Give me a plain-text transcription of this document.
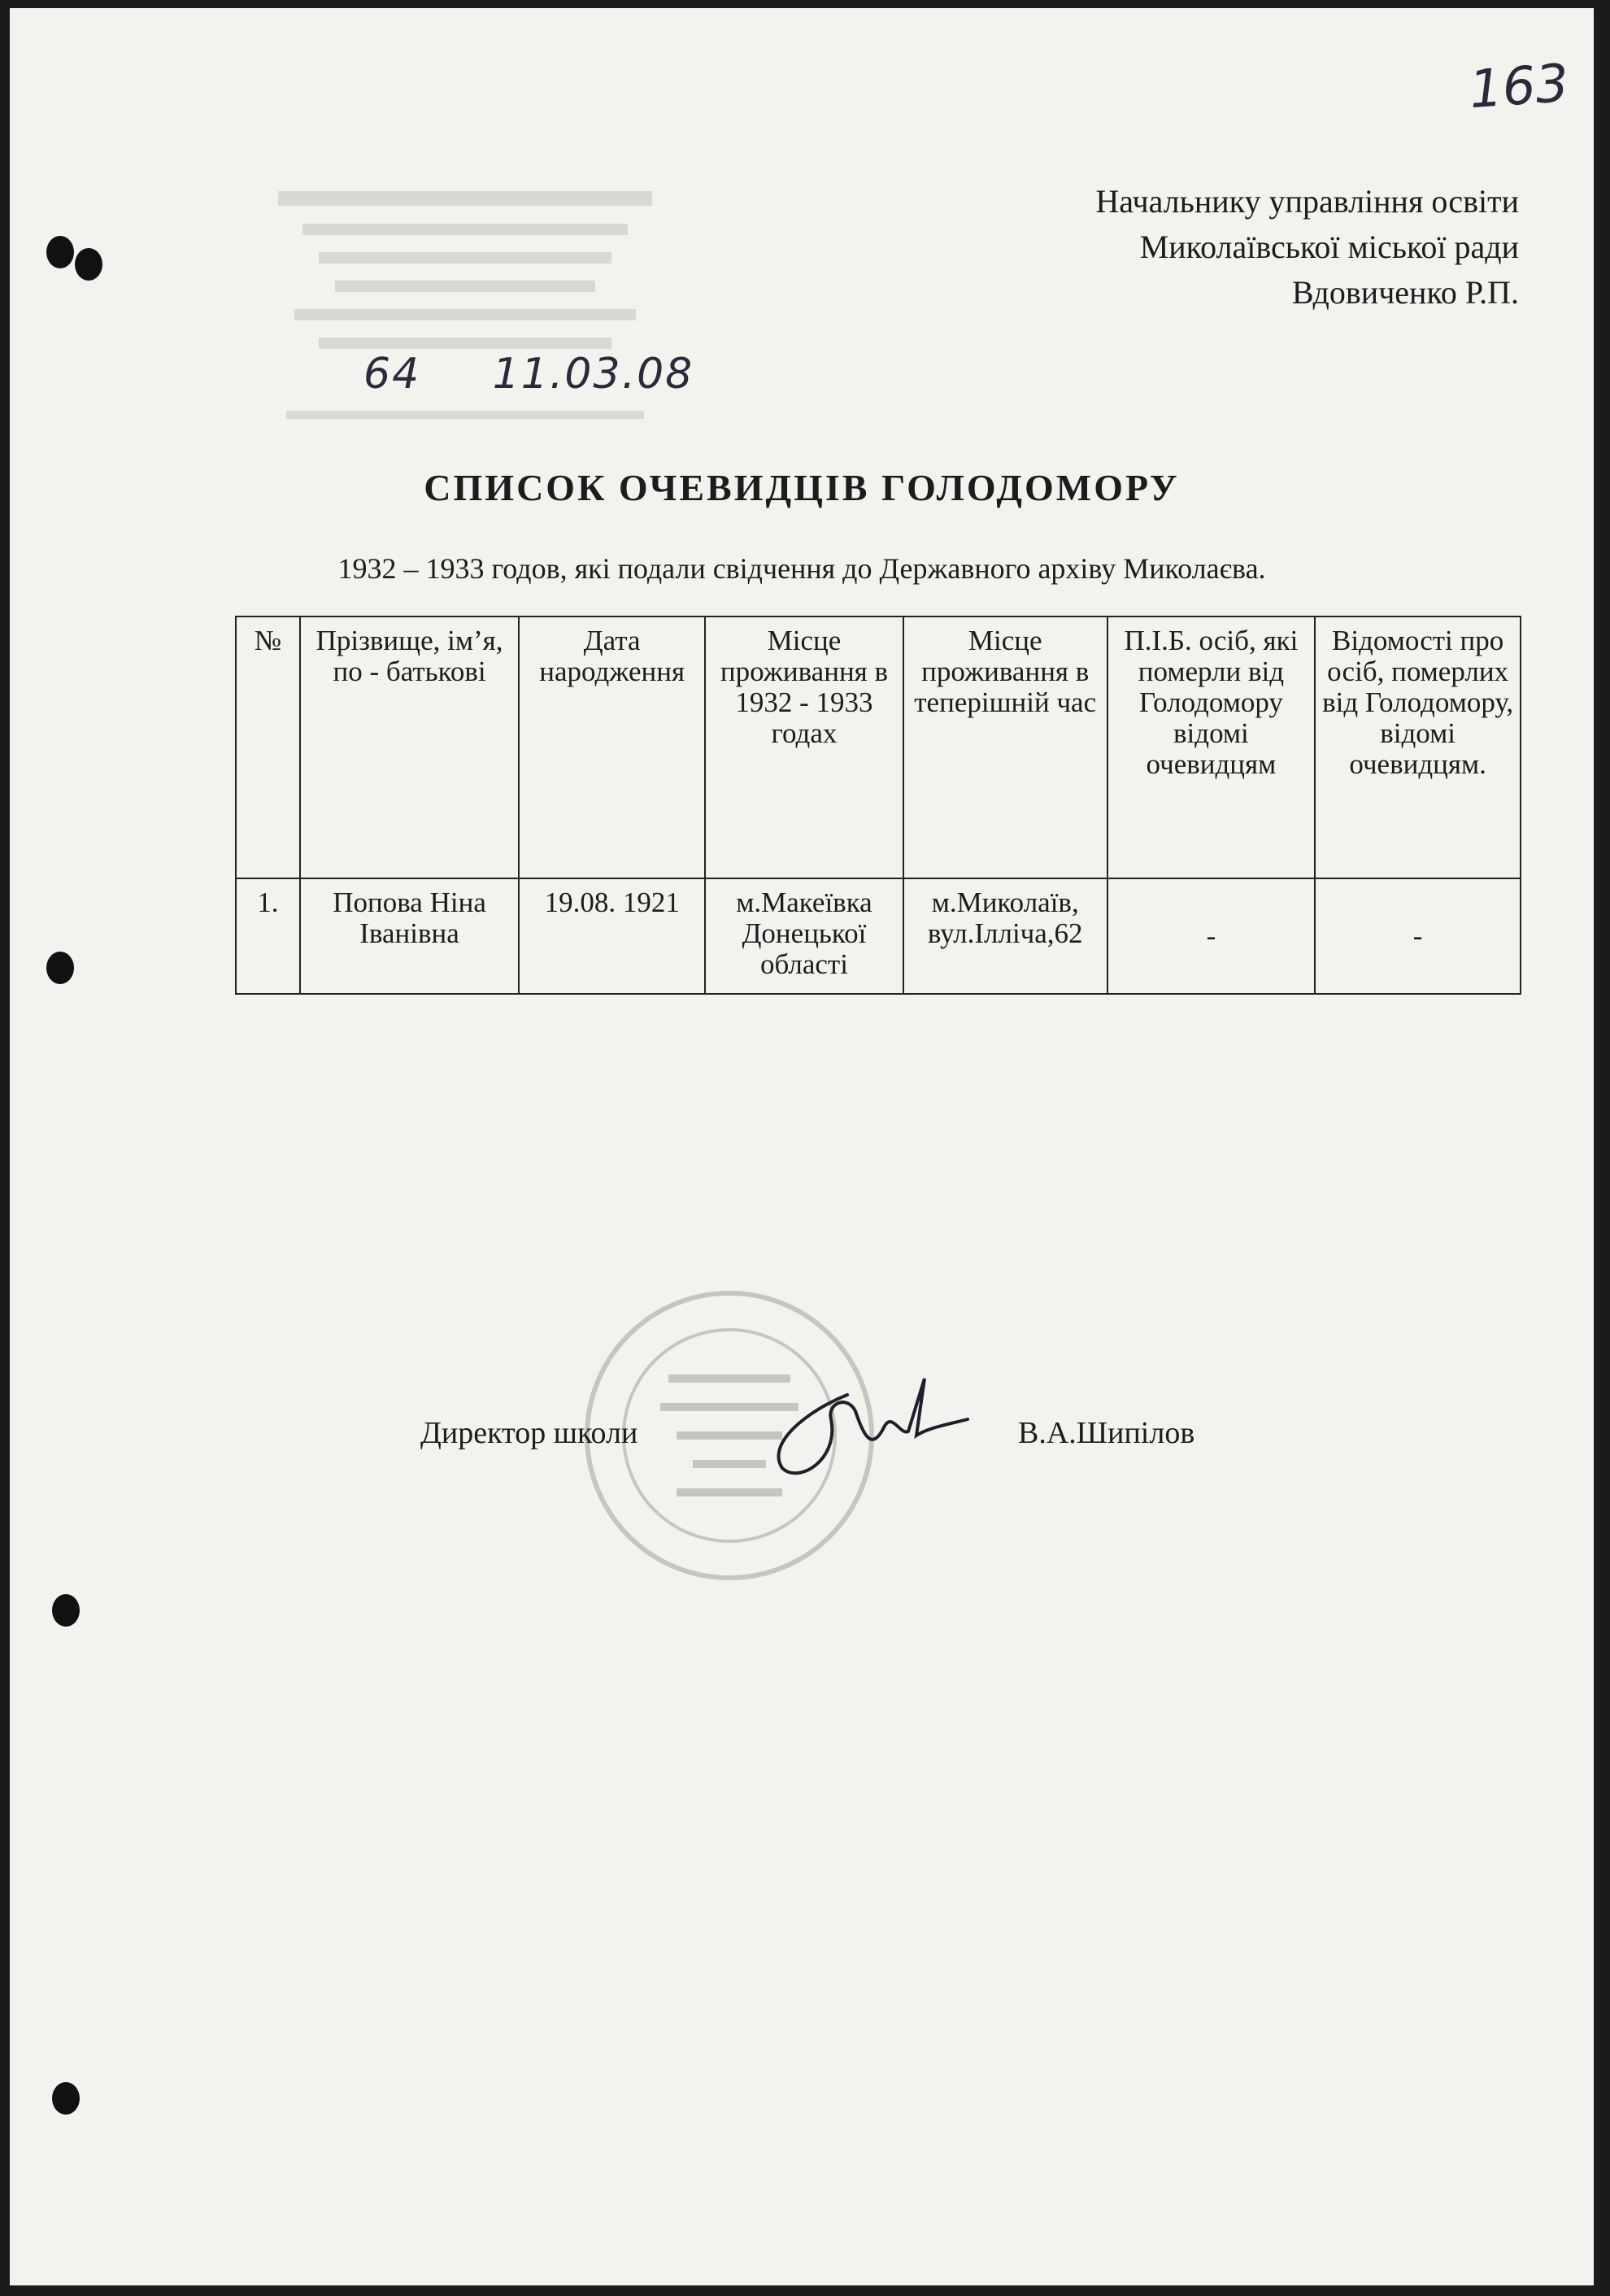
163
Начальнику управління освіти
Миколаївської міської ради
Вдовиченко Р.П.
64 11.03.08
СПИСОК ОЧЕВИДЦІВ ГОЛОДОМОРУ

1932 – 1933 годов, які подали свідчення до Державного архіву Миколаєва.

№	Прізвище, ім’я, по - батькові	Дата народження	Місце проживання в 1932 - 1933 годах	Місце проживання в теперішній час	П.І.Б. осіб, які померли від Голодомору відомі очевидцям	Відомості про осіб, померлих від Голодомору, відомі очевидцям.
1.	Попова Ніна Іванівна	19.08. 1921	м.Макеївка Донецької області	м.Миколаїв, вул.Ілліча,62	-	-
Директор школи	В.А.Шипілов
